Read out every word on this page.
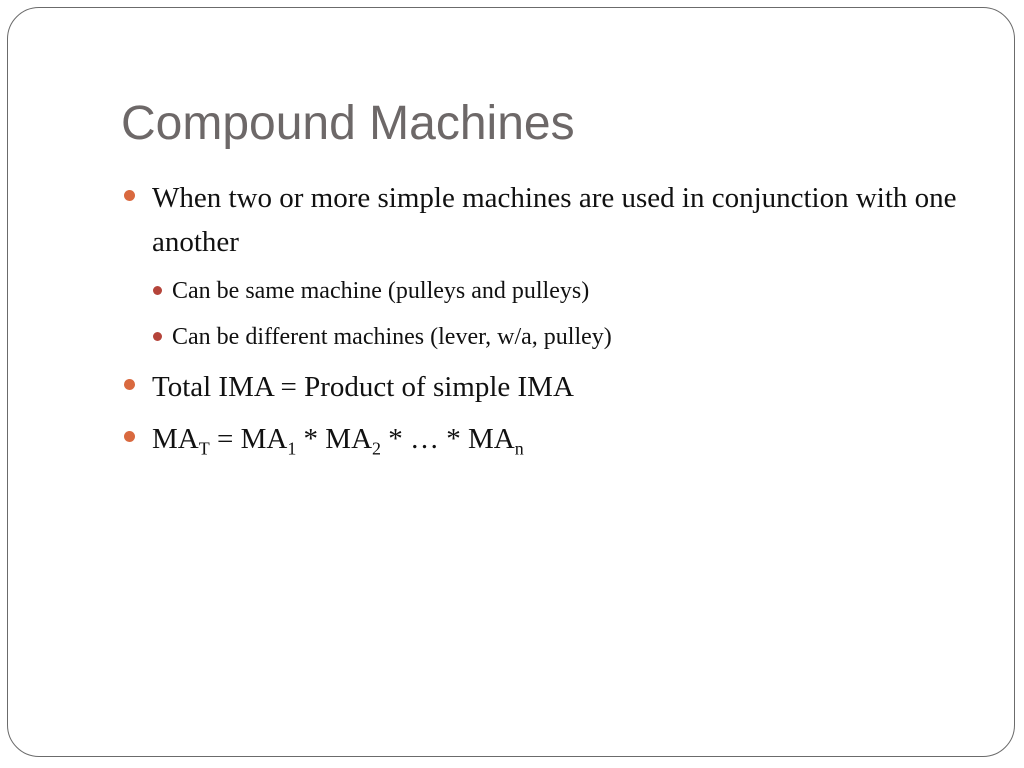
Compound Machines
When two or more simple machines are used in conjunction with one another
Can be same machine (pulleys and pulleys)
Can be different machines (lever, w/a, pulley)
Total IMA = Product of simple IMA
$MA_T = MA_1 * MA_2$ * … * $MA_n$
